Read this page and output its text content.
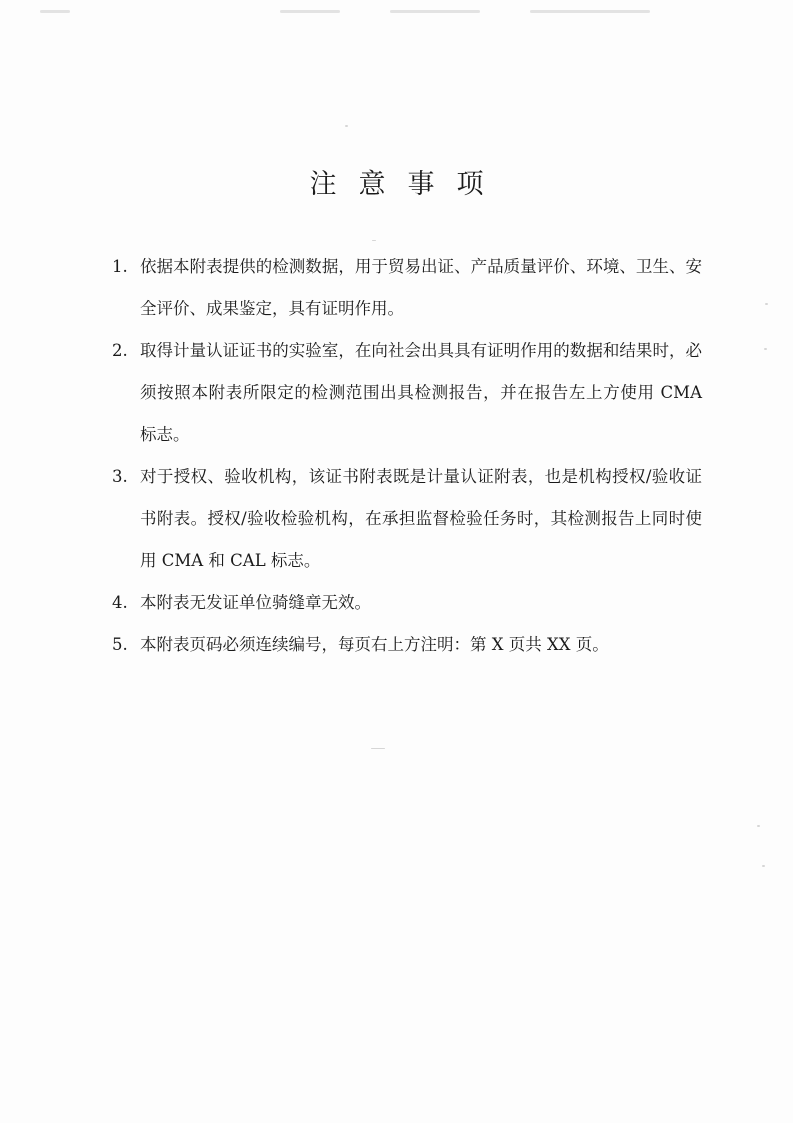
注意事项
1. 依据本附表提供的检测数据，用于贸易出证、产品质量评价、环境、卫生、安全评价、成果鉴定，具有证明作用。
2. 取得计量认证证书的实验室，在向社会出具具有证明作用的数据和结果时，必须按照本附表所限定的检测范围出具检测报告，并在报告左上方使用 CMA 标志。
3. 对于授权、验收机构，该证书附表既是计量认证附表，也是机构授权/验收证书附表。授权/验收检验机构，在承担监督检验任务时，其检测报告上同时使用 CMA 和 CAL 标志。
4. 本附表无发证单位骑缝章无效。
5. 本附表页码必须连续编号，每页右上方注明：第 X 页共 XX 页。
